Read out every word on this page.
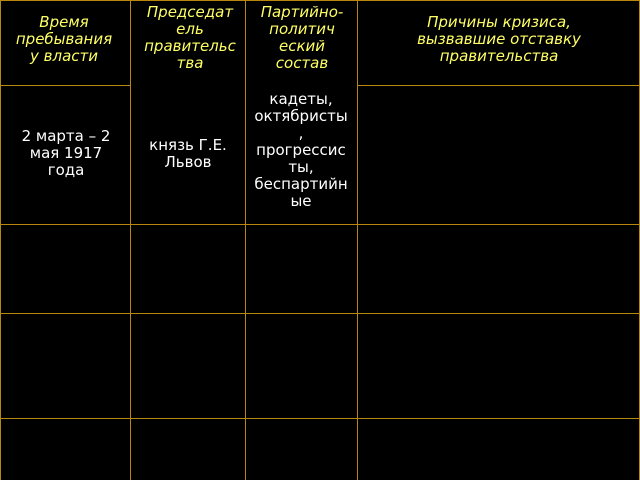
Время
пребывания
у власти
Председат
ель
правительс
тва
Партийно-
политич
еский
состав
Причины кризиса,
вызвавшие отставку
правительства
2 марта – 2
мая 1917
года
князь Г.Е.
Львов
кадеты,
октябристы
,
прогрессис
ты,
беспартийн
ые
